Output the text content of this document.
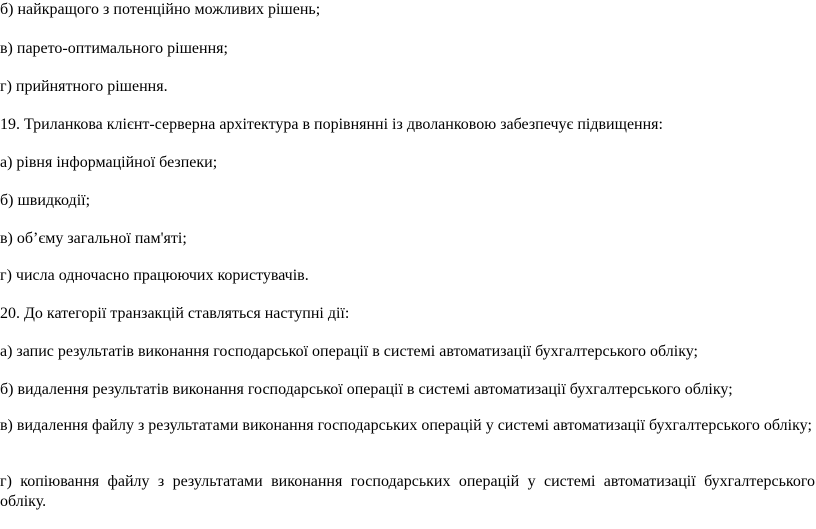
б) найкращого з потенційно можливих рішень;

в) парето-оптимального рішення;

г) прийнятного рішення.

19. Триланкова клієнт-серверна архітектура в порівнянні із дволанковою забезпечує підвищення:

а) рівня інформаційної безпеки;

б) швидкодії;

в) об’єму загальної пам'яті;

г) числа одночасно працюючих користувачів.

20. До категорії транзакцій ставляться наступні дії:

а) запис результатів виконання господарської операції в системі автоматизації бухгалтерського обліку;

б) видалення результатів виконання господарської операції в системі автоматизації бухгалтерського обліку;

в) видалення файлу з результатами виконання господарських операцій у системі автоматизації бухгалтерського обліку;

г) копіювання файлу з результатами виконання господарських операцій у системі автоматизації бухгалтерського обліку.
